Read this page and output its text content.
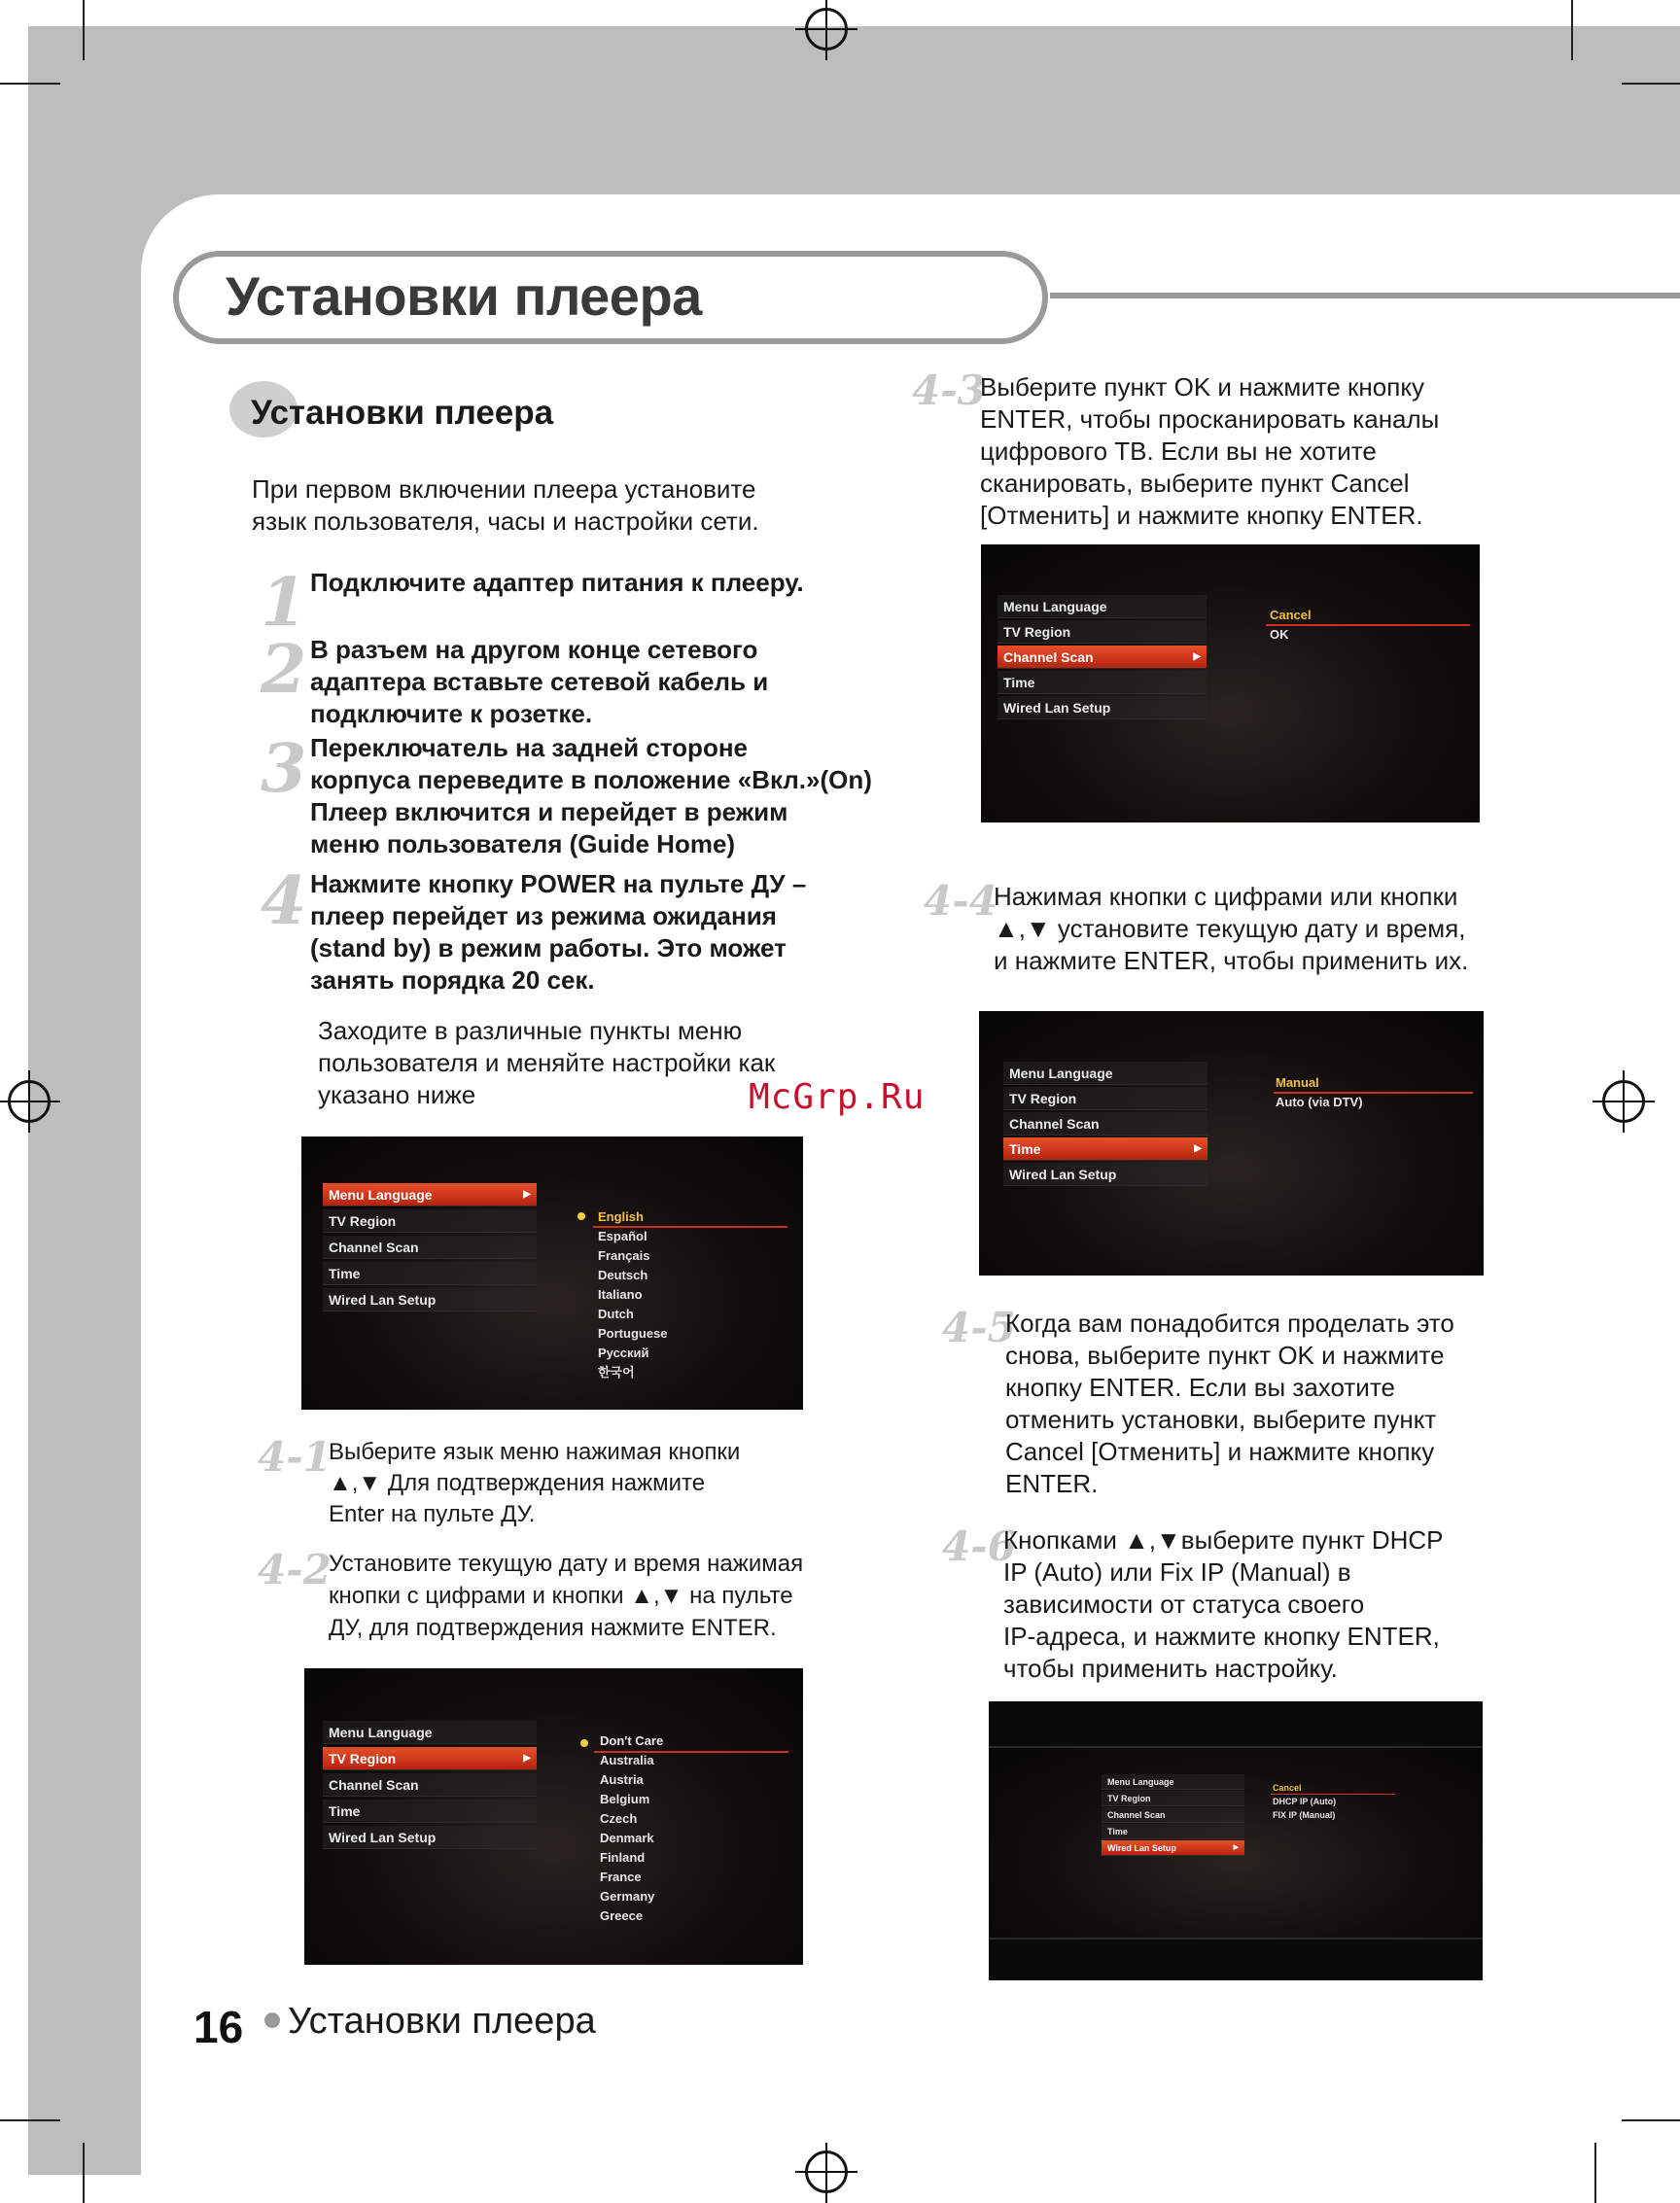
Установки плеера
Установки плеера
При первом включении плеера установите
язык пользователя, часы и настройки сети.
1 Подключите адаптер питания к плееру.
2 В разъем на другом конце сетевого
адаптера вставьте сетевой кабель и
подключите к розетке.
3 Переключатель на задней стороне
корпуса переведите в положение «Вкл.»(On)
Плеер включится и перейдет в режим
меню пользователя (Guide Home)
4 Нажмите кнопку POWER на пульте ДУ –
плеер перейдет из режима ожидания
(stand by) в режим работы. Это может
занять порядка 20 сек.
Заходите в различные пункты меню
пользователя и меняйте настройки как
указано ниже	McGrp.Ru
Menu Language	▶
TV Region
Channel Scan
Time
Wired Lan Setup
English
Español
Français
Deutsch
Italiano
Dutch
Portuguese
Русский
한국어
4-1
Выберите язык меню нажимая кнопки
▲,▼ Для подтверждения нажмите
Enter на пульте ДУ.
4-2
Установите текущую дату и время нажимая
кнопки с цифрами и кнопки ▲,▼ на пульте
ДУ, для подтверждения нажмите ENTER.
Menu Language
TV Region	▶
Channel Scan
Time
Wired Lan Setup
Don't Care
Australia
Austria
Belgium
Czech
Denmark
Finland
France
Germany
Greece
4-3
Выберите пункт OK и нажмите кнопку
ENTER, чтобы просканировать каналы
цифрового ТВ. Если вы не хотите
сканировать, выберите пункт Cancel
[Отменить] и нажмите кнопку ENTER.
Menu Language
TV Region
Channel Scan	▶
Time
Wired Lan Setup
Cancel
OK
4-4
Нажимая кнопки с цифрами или кнопки
▲,▼ установите текущую дату и время,
и нажмите ENTER, чтобы применить их.
Menu Language
TV Region
Channel Scan
Time	▶
Wired Lan Setup
Manual
Auto (via DTV)
4-5
Когда вам понадобится проделать это
снова, выберите пункт OK и нажмите
кнопку ENTER. Если вы захотите
отменить установки, выберите пункт
Cancel [Отменить] и нажмите кнопку
ENTER.
4-6
Кнопками ▲,▼выберите пункт DHCP
IP (Auto) или Fix IP (Manual) в
зависимости от статуса своего
IP-адреса, и нажмите кнопку ENTER,
чтобы применить настройку.
Menu Language
TV Region
Channel Scan
Time
Wired Lan Setup	▶
Cancel
DHCP IP (Auto)
FIX IP (Manual)
16 Установки плеера
